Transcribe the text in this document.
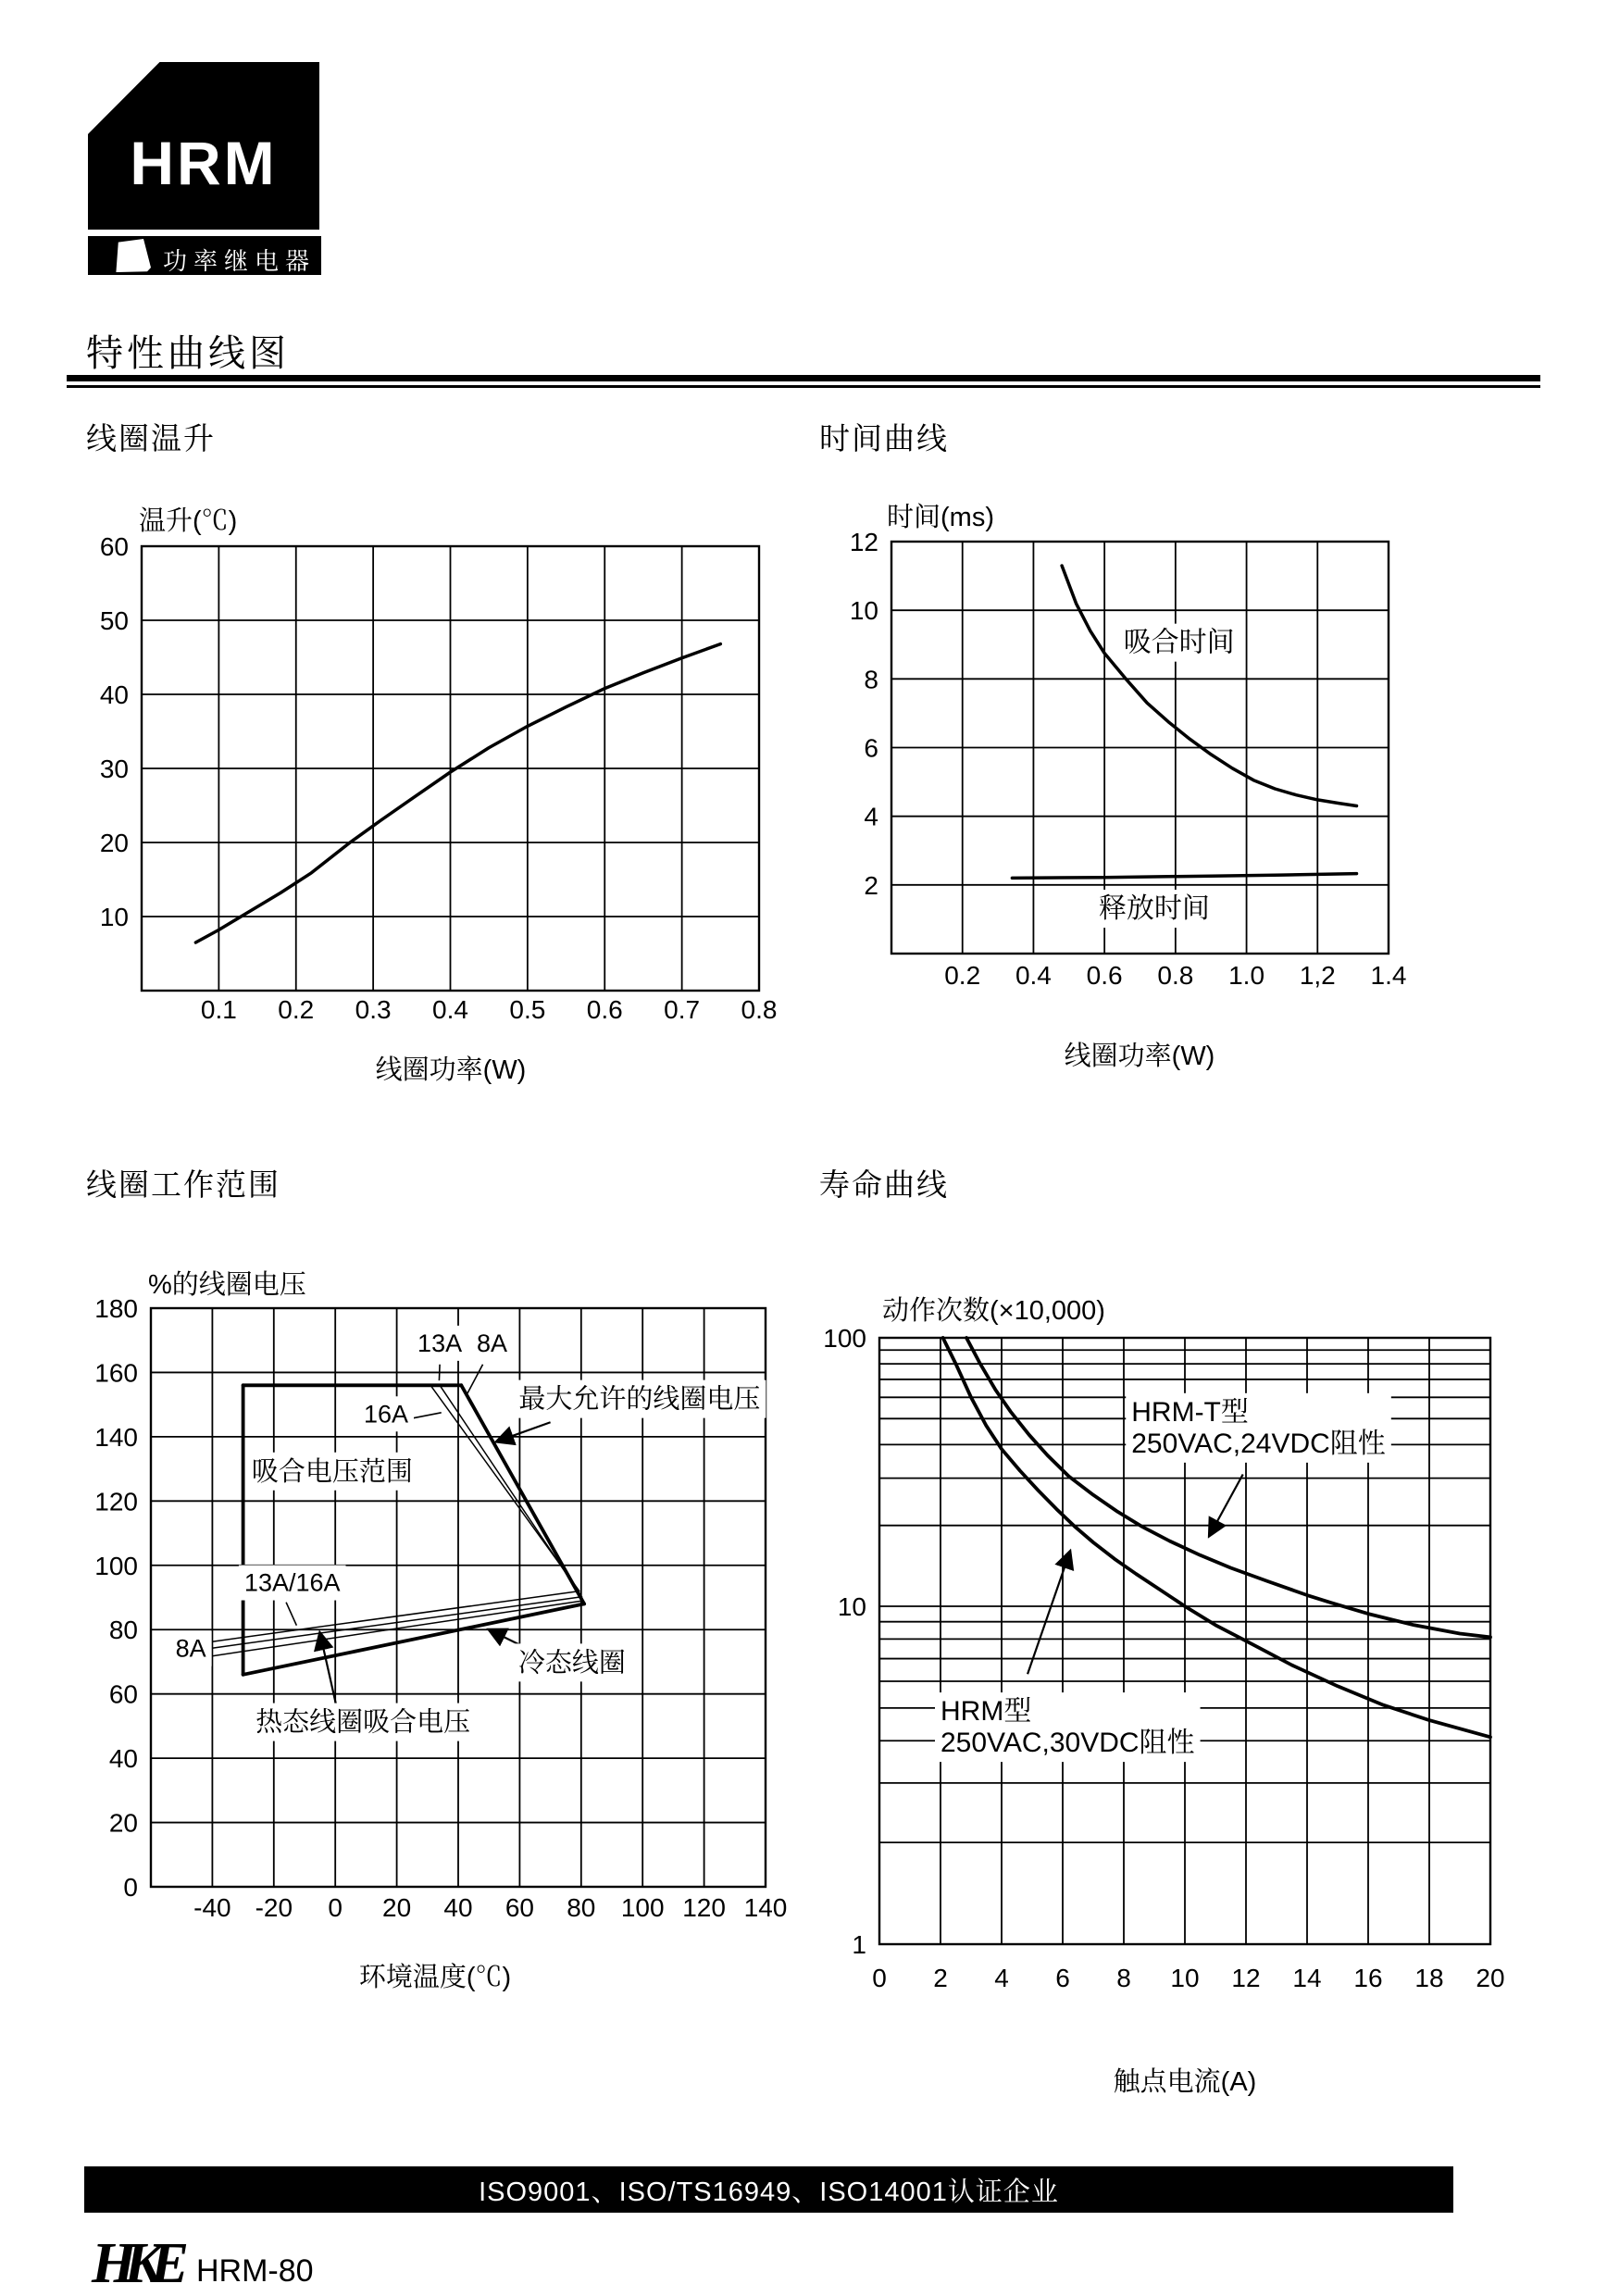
HRM
功率继电器
特性曲线图
线圈温升	时间曲线
线圈工作范围	寿命曲线
0.1 0.2 0.3 0.4 0.5 0.6 0.7 0.8
10
20
30
40
50
60
温升(℃)
线圈功率(W)
0.2 0.4 0.6 0.8 1.0 1,2 1.4
2
4
6
8
10
12
时间(ms)
线圈功率(W)
吸合时间
释放时间
-40 -20 0 20 40 60 80 100 120 140
0
20
40
60
80
100
120
140
160
180
%的线圈电压
环境温度(℃)
13A 8A
16A	最大允许的线圈电压
吸合电压范围
13A/16A
8A
热态线圈吸合电压
冷态线圈
0 2 4 6 8 10 12 14 16 18 20
100
10
1
动作次数(×10,000)
触点电流(A)
HRM-T型 250VAC,24VDC阻性
HRM型 250VAC,30VDC阻性
ISO9001、ISO/TS16949、ISO14001认证企业
HKE HRM-80
